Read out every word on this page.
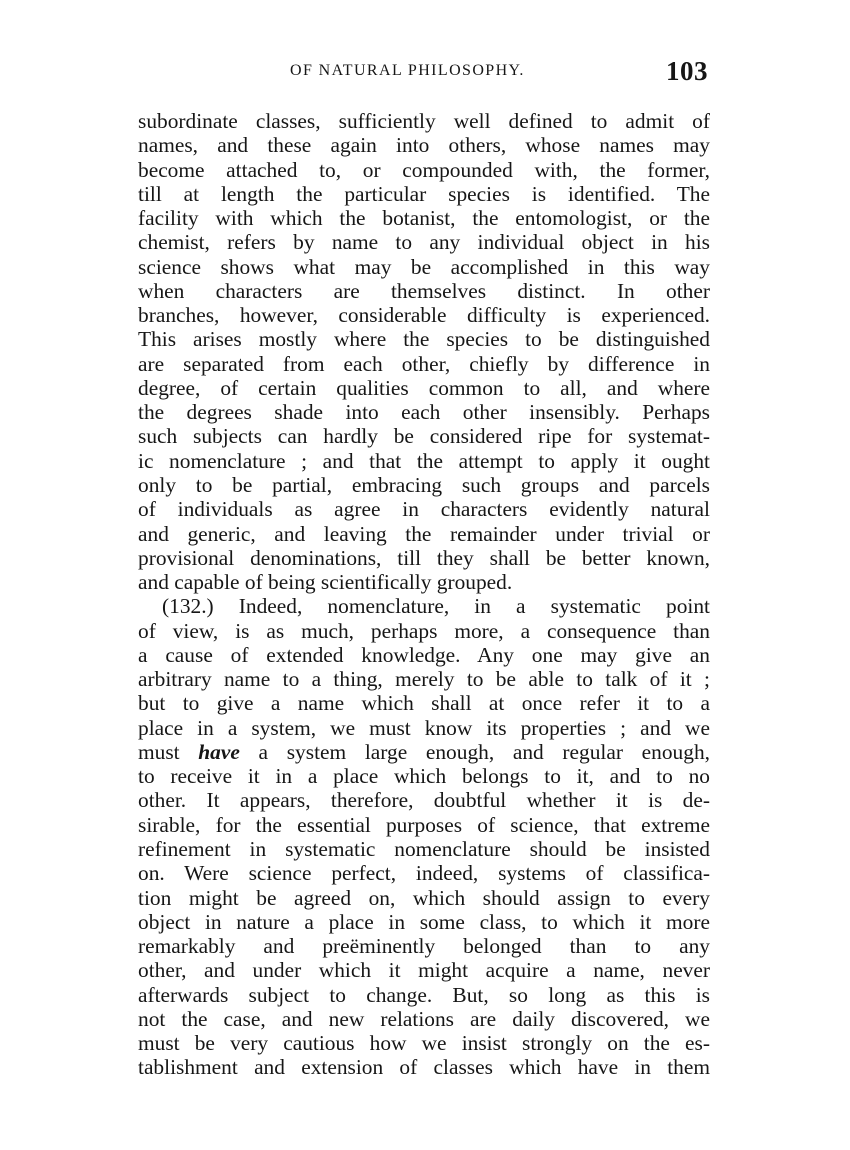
OF NATURAL PHILOSOPHY.	103
subordinate classes, sufficiently well defined to admit of
names, and these again into others, whose names may
become attached to, or compounded with, the former,
till at length the particular species is identified. The
facility with which the botanist, the entomologist, or the
chemist, refers by name to any individual object in his
science shows what may be accomplished in this way
when characters are themselves distinct. In other
branches, however, considerable difficulty is experienced.
This arises mostly where the species to be distinguished
are separated from each other, chiefly by difference in
degree, of certain qualities common to all, and where
the degrees shade into each other insensibly. Perhaps
such subjects can hardly be considered ripe for systemat-
ic nomenclature ; and that the attempt to apply it ought
only to be partial, embracing such groups and parcels
of individuals as agree in characters evidently natural
and generic, and leaving the remainder under trivial or
provisional denominations, till they shall be better known,
and capable of being scientifically grouped.
(132.) Indeed, nomenclature, in a systematic point
of view, is as much, perhaps more, a consequence than
a cause of extended knowledge. Any one may give an
arbitrary name to a thing, merely to be able to talk of it ;
but to give a name which shall at once refer it to a
place in a system, we must know its properties ; and we
must have a system large enough, and regular enough,
to receive it in a place which belongs to it, and to no
other. It appears, therefore, doubtful whether it is de-
sirable, for the essential purposes of science, that extreme
refinement in systematic nomenclature should be insisted
on. Were science perfect, indeed, systems of classifica-
tion might be agreed on, which should assign to every
object in nature a place in some class, to which it more
remarkably and preëminently belonged than to any
other, and under which it might acquire a name, never
afterwards subject to change. But, so long as this is
not the case, and new relations are daily discovered, we
must be very cautious how we insist strongly on the es-
tablishment and extension of classes which have in them
